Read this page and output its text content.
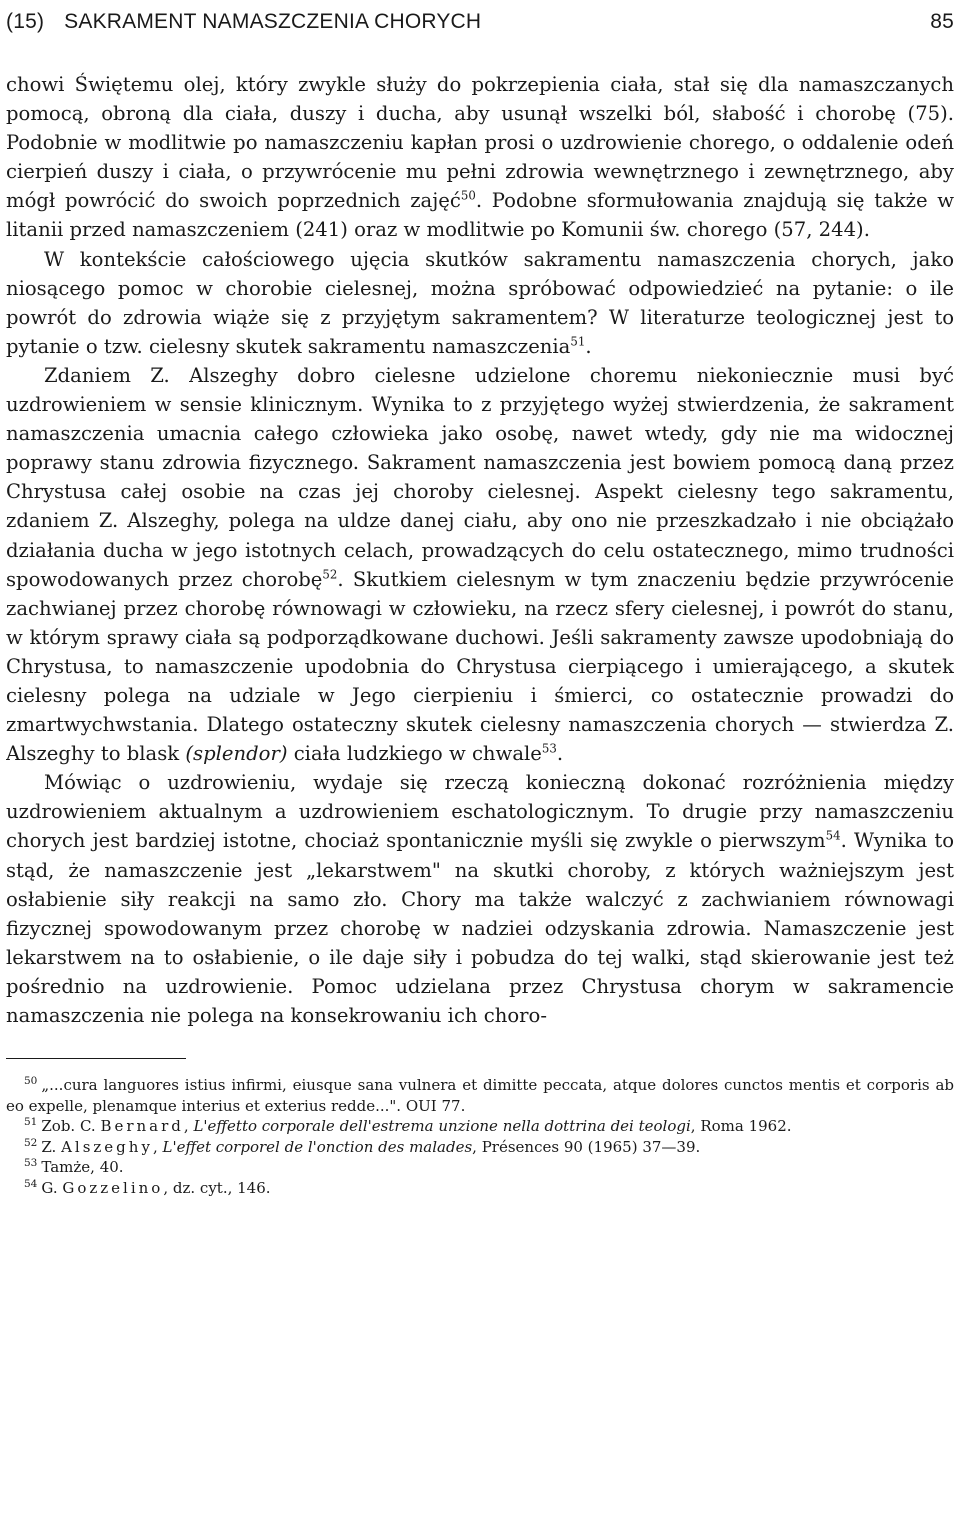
(15) SAKRAMENT NAMASZCZENIA CHORYCH	85

chowi Świętemu olej, który zwykle służy do pokrzepienia ciała, stał się dla namaszczanych pomocą, obroną dla ciała, duszy i ducha, aby usunął wszelki ból, słabość i chorobę (75). Podobnie w modlitwie po namaszczeniu kapłan prosi o uzdrowienie chorego, o oddalenie odeń cierpień duszy i ciała, o przywrócenie mu pełni zdrowia wewnętrznego i zewnętrznego, aby mógł powrócić do swoich poprzednich zajęć$^{50}$. Podobne sformułowania znajdują się także w litanii przed namaszczeniem (241) oraz w modlitwie po Komunii św. chorego (57, 244).

W kontekście całościowego ujęcia skutków sakramentu namaszczenia chorych, jako niosącego pomoc w chorobie cielesnej, można spróbować odpowiedzieć na pytanie: o ile powrót do zdrowia wiąże się z przyjętym sakramentem? W literaturze teologicznej jest to pytanie o tzw. cielesny skutek sakramentu namaszczenia$^{51}$.

Zdaniem Z. Alszeghy dobro cielesne udzielone choremu niekoniecznie musi być uzdrowieniem w sensie klinicznym. Wynika to z przyjętego wyżej stwierdzenia, że sakrament namaszczenia umacnia całego człowieka jako osobę, nawet wtedy, gdy nie ma widocznej poprawy stanu zdrowia fizycznego. Sakrament namaszczenia jest bowiem pomocą daną przez Chrystusa całej osobie na czas jej choroby cielesnej. Aspekt cielesny tego sakramentu, zdaniem Z. Alszeghy, polega na uldze danej ciału, aby ono nie przeszkadzało i nie obciążało działania ducha w jego istotnych celach, prowadzących do celu ostatecznego, mimo trudności spowodowanych przez chorobę$^{52}$. Skutkiem cielesnym w tym znaczeniu będzie przywrócenie zachwianej przez chorobę równowagi w człowieku, na rzecz sfery cielesnej, i powrót do stanu, w którym sprawy ciała są podporządkowane duchowi. Jeśli sakramenty zawsze upodobniają do Chrystusa, to namaszczenie upodobnia do Chrystusa cierpiącego i umierającego, a skutek cielesny polega na udziale w Jego cierpieniu i śmierci, co ostatecznie prowadzi do zmartwychwstania. Dlatego ostateczny skutek cielesny namaszczenia chorych — stwierdza Z. Alszeghy to blask (splendor) ciała ludzkiego w chwale$^{53}$.

Mówiąc o uzdrowieniu, wydaje się rzeczą konieczną dokonać rozróżnienia między uzdrowieniem aktualnym a uzdrowieniem eschatologicznym. To drugie przy namaszczeniu chorych jest bardziej istotne, chociaż spontanicznie myśli się zwykle o pierwszym$^{54}$. Wynika to stąd, że namaszczenie jest „lekarstwem" na skutki choroby, z których ważniejszym jest osłabienie siły reakcji na samo zło. Chory ma także walczyć z zachwianiem równowagi fizycznej spowodowanym przez chorobę w nadziei odzyskania zdrowia. Namaszczenie jest lekarstwem na to osłabienie, o ile daje siły i pobudza do tej walki, stąd skierowanie jest też pośrednio na uzdrowienie. Pomoc udzielana przez Chrystusa chorym w sakramencie namaszczenia nie polega na konsekrowaniu ich choro-

$^{50}$ „...cura languores istius infirmi, eiusque sana vulnera et dimitte peccata, atque dolores cunctos mentis et corporis ab eo expelle, plenamque interius et exterius redde...". OUI 77.

$^{51}$ Zob. C. Bernard, L'effetto corporale dell'estrema unzione nella dottrina dei teologi, Roma 1962.

$^{52}$ Z. Alszeghy, L'effet corporel de l'onction des malades, Présences 90 (1965) 37—39.

$^{53}$ Tamże, 40.

$^{54}$ G. Gozzelino, dz. cyt., 146.
